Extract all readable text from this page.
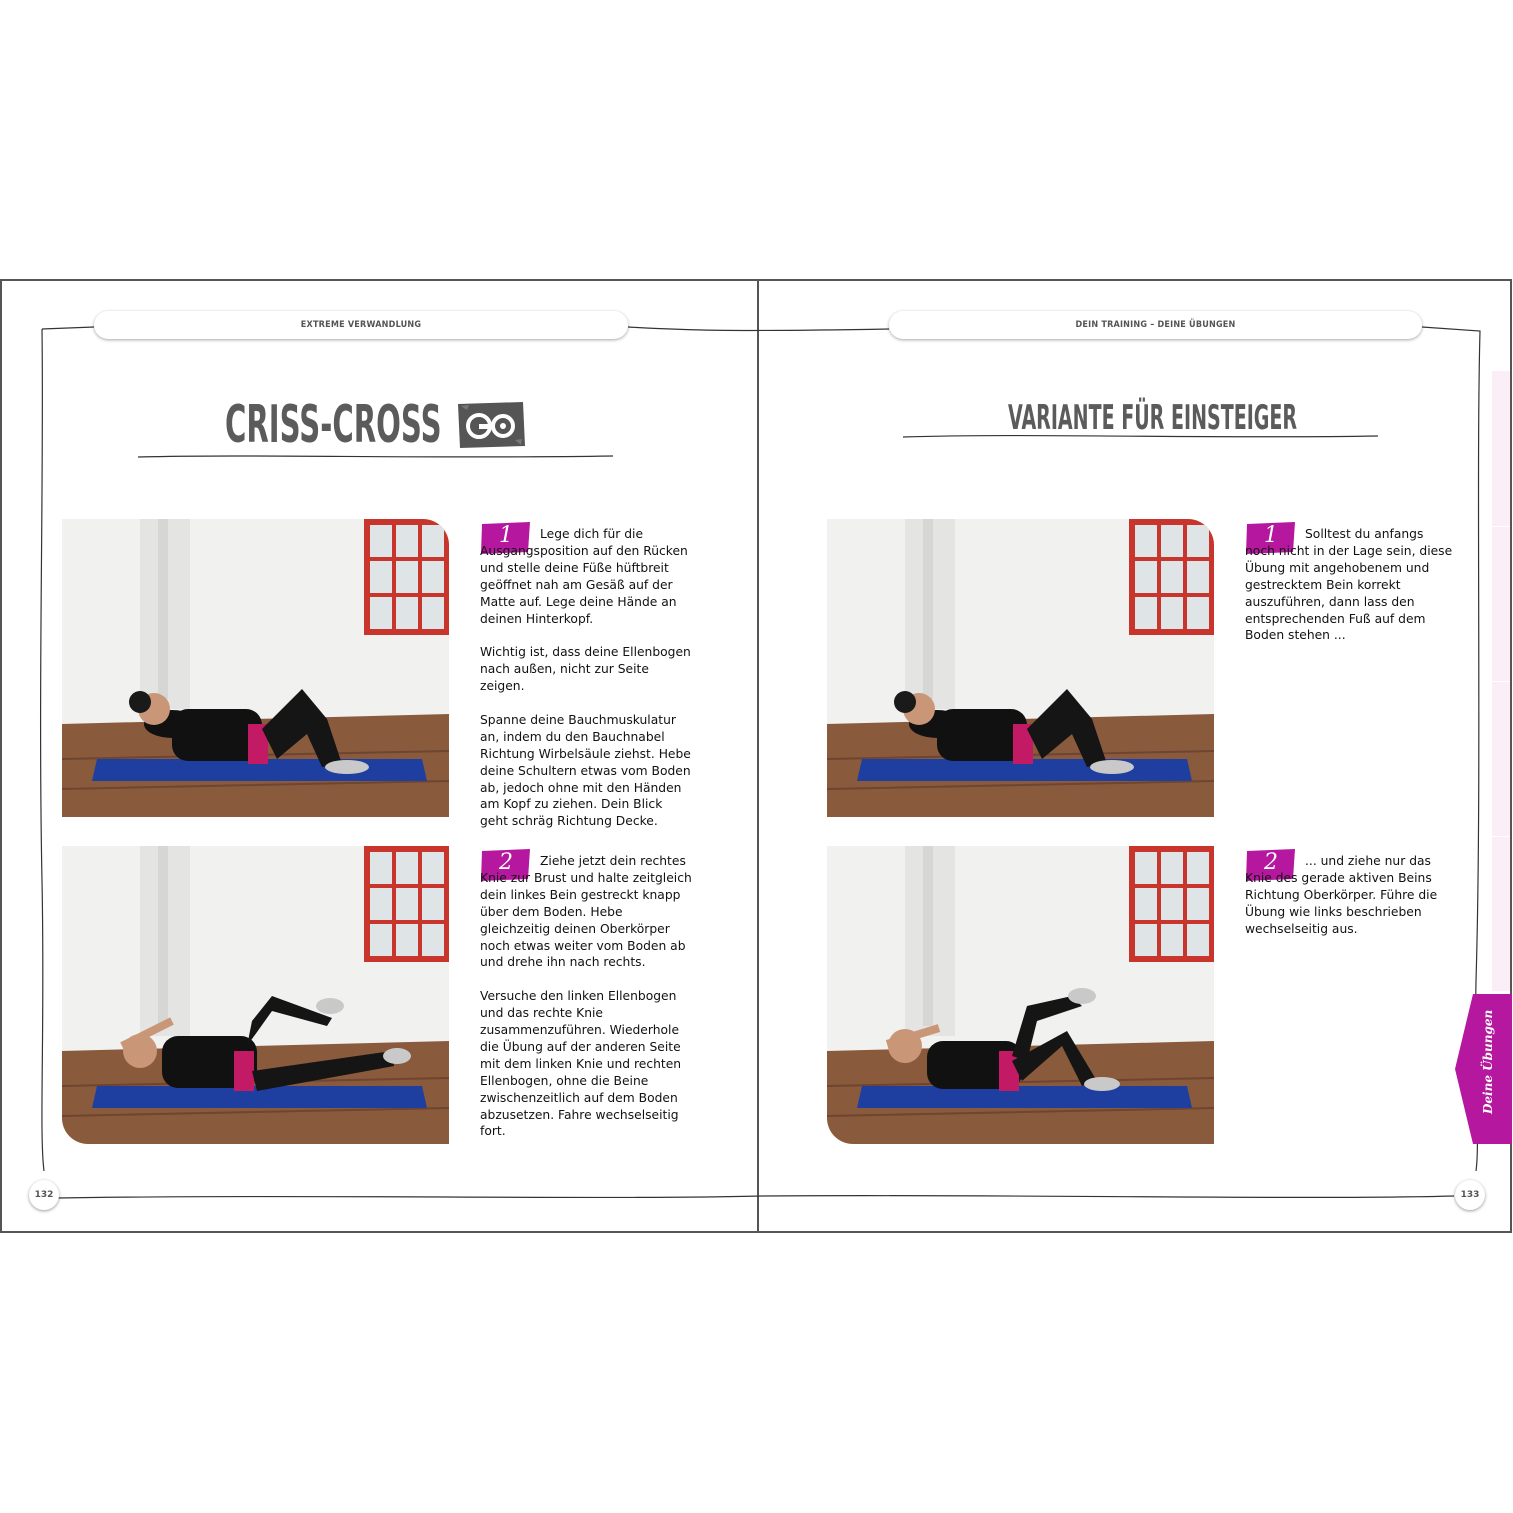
EXTREME VERWANDLUNG	DEIN TRAINING – DEINE ÜBUNGEN
CRISS-CROSS	VARIANTE FÜR EINSTEIGER
1
2
1
2

Lege dich für die Ausgangsposition auf den Rücken und stelle deine Füße hüftbreit geöffnet nah am Gesäß auf der Matte auf. Lege deine Hände an deinen Hinterkopf.

Wichtig ist, dass deine Ellenbogen nach außen, nicht zur Seite zeigen.

Spanne deine Bauchmuskulatur an, indem du den Bauchnabel Richtung Wirbelsäule ziehst. Hebe deine Schultern etwas vom Boden ab, jedoch ohne mit den Händen am Kopf zu ziehen. Dein Blick geht schräg Richtung Decke.

Ziehe jetzt dein rechtes Knie zur Brust und halte zeitgleich dein linkes Bein gestreckt knapp über dem Boden. Hebe gleichzeitig deinen Oberkörper noch etwas weiter vom Boden ab und drehe ihn nach rechts.

Versuche den linken Ellenbogen und das rechte Knie zusammenzuführen. Wiederhole die Übung auf der anderen Seite mit dem linken Knie und rechten Ellenbogen, ohne die Beine zwischenzeitlich auf dem Boden abzusetzen. Fahre wechselseitig fort.

Solltest du anfangs noch nicht in der Lage sein, diese Übung mit angehobenem und gestrecktem Bein korrekt auszuführen, dann lass den entsprechenden Fuß auf dem Boden stehen ...

... und ziehe nur das Knie des gerade aktiven Beins Richtung Oberkörper. Führe die Übung wie links beschrieben wechselseitig aus.

132	133
Deine Übungen
